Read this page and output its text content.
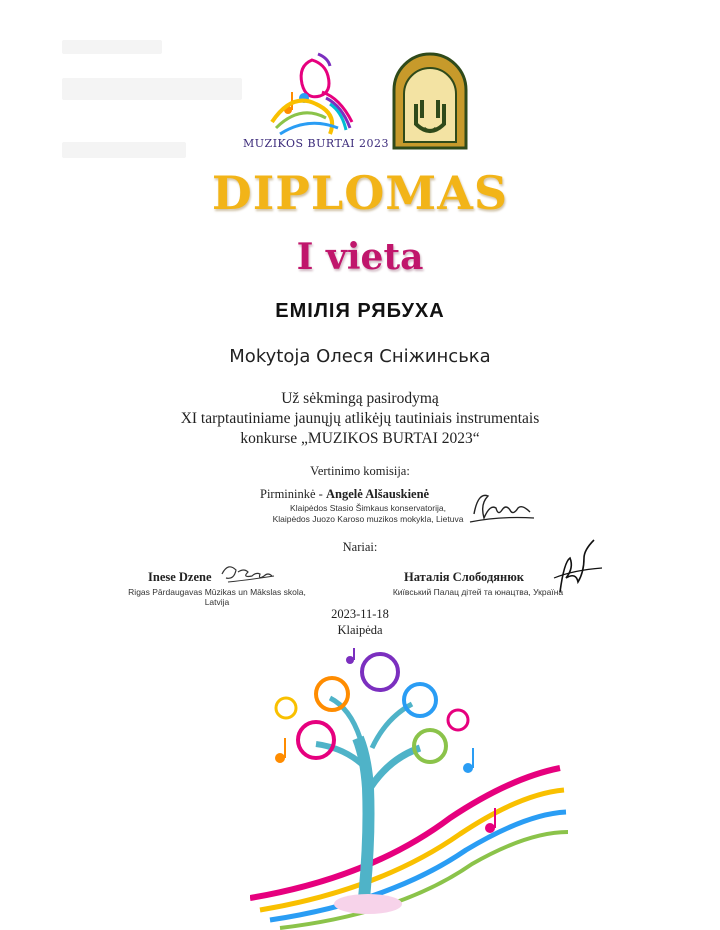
MUZIKOS BURTAI 2023
DIPLOMAS
I vieta
ЕМІЛІЯ РЯБУХА
Mokytoja Олеся Сніжинська
Už sėkmingą pasirodymą
XI tarptautiniame jaunųjų atlikėjų tautiniais instrumentais
konkurse „MUZIKOS BURTAI 2023“
Vertinimo komisija:
Pirmininkė - Angelė Alšauskienė
Klaipėdos Stasio Šimkaus konservatorija,
Klaipėdos Juozo Karoso muzikos mokykla, Lietuva
Nariai:
Inese Dzene
Rigas Pārdaugavas Mūzikas un Mākslas skola, Latvija
Наталія Слободянюк
Київський Палац дітей та юнацтва, Україна
2023-11-18
Klaipėda
